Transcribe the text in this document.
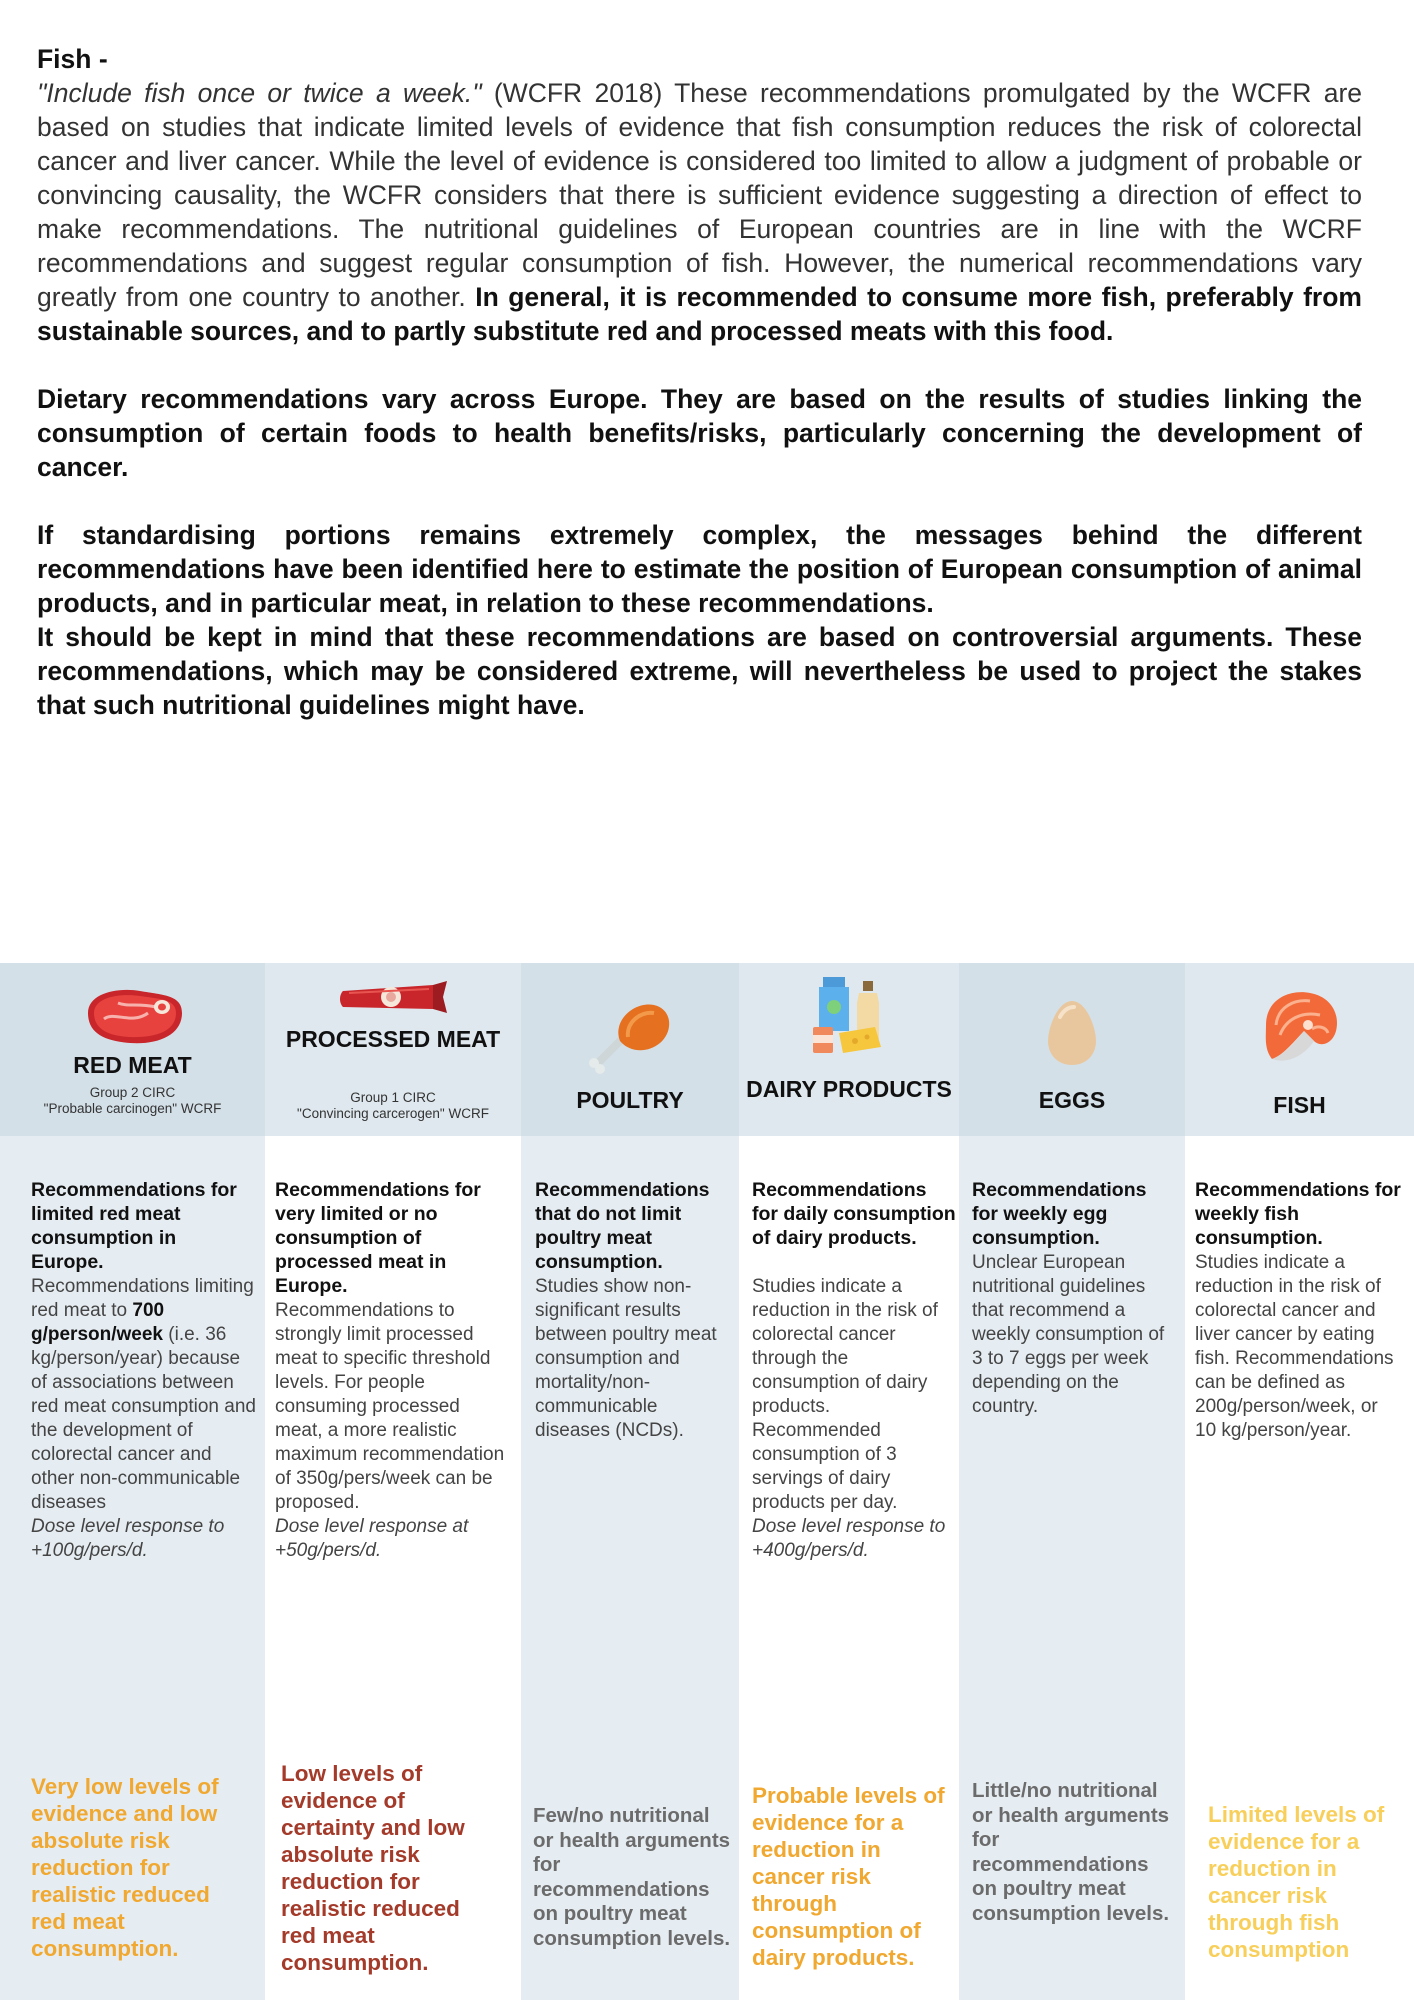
Fish -

"Include fish once or twice a week." (WCFR 2018) These recommendations promulgated by the WCFR are based on studies that indicate limited levels of evidence that fish consumption reduces the risk of colorectal cancer and liver cancer. While the level of evidence is considered too limited to allow a judgment of probable or convincing causality, the WCFR considers that there is sufficient evidence suggesting a direction of effect to make recommendations. The nutritional guidelines of European countries are in line with the WCRF recommendations and suggest regular consumption of fish. However, the numerical recommendations vary greatly from one country to another. In general, it is recommended to consume more fish, preferably from sustainable sources, and to partly substitute red and processed meats with this food.

Dietary recommendations vary across Europe. They are based on the results of studies linking the consumption of certain foods to health benefits/risks, particularly concerning the development of cancer.

If standardising portions remains extremely complex, the messages behind the different recommendations have been identified here to estimate the position of European consumption of animal products, and in particular meat, in relation to these recommendations.

It should be kept in mind that these recommendations are based on controversial arguments. These recommendations, which may be considered extreme, will nevertheless be used to project the stakes that such nutritional guidelines might have.

RED MEAT
Group 2 CIRC
"Probable carcinogen" WCRF
Recommendations for limited red meat consumption in Europe.
Recommendations limiting red meat to 700 g/person/week (i.e. 36 kg/person/year) because of associations between red meat consumption and the development of colorectal cancer and other non-communicable diseases
Dose level response to +100g/pers/d.
Very low levels of evidence and low absolute risk reduction for realistic reduced red meat consumption.
PROCESSED MEAT
Group 1 CIRC
"Convincing carcerogen" WCRF
Recommendations for very limited or no consumption of processed meat in Europe.
Recommendations to strongly limit processed meat to specific threshold levels. For people consuming processed meat, a more realistic maximum recommendation of 350g/pers/week can be proposed.
Dose level response at +50g/pers/d.
Low levels of evidence of certainty and low absolute risk reduction for realistic reduced red meat consumption.
POULTRY
Recommendations that do not limit poultry meat consumption.
Studies show non-significant results between poultry meat consumption and mortality/non-communicable diseases (NCDs).
Few/no nutritional or health arguments for recommendations on poultry meat consumption levels.
DAIRY PRODUCTS
Recommendations for daily consumption of dairy products.
Studies indicate a reduction in the risk of colorectal cancer through the consumption of dairy products. Recommended consumption of 3 servings of dairy products per day.
Dose level response to +400g/pers/d.
Probable levels of evidence for a reduction in cancer risk through consumption of dairy products.
EGGS
Recommendations for weekly egg consumption.
Unclear European nutritional guidelines that recommend a weekly consumption of 3 to 7 eggs per week depending on the country.
Little/no nutritional or health arguments for recommendations on poultry meat consumption levels.
FISH
Recommendations for weekly fish consumption.
Studies indicate a reduction in the risk of colorectal cancer and liver cancer by eating fish. Recommendations can be defined as 200g/person/week, or 10 kg/person/year.
Limited levels of evidence for a reduction in cancer risk through fish consumption
